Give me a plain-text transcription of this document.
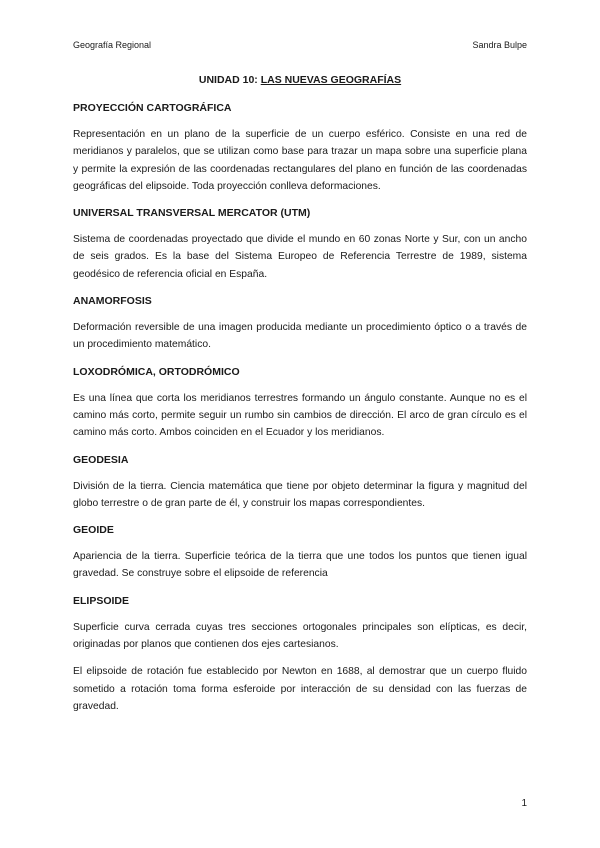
Geografía Regional	Sandra Bulpe
UNIDAD 10: LAS NUEVAS GEOGRAFÍAS
PROYECCIÓN CARTOGRÁFICA
Representación en un plano de la superficie de un cuerpo esférico. Consiste en una red de meridianos y paralelos, que se utilizan como base para trazar un mapa sobre una superficie plana y permite la expresión de las coordenadas rectangulares del plano en función de las coordenadas geográficas del elipsoide. Toda proyección conlleva deformaciones.
UNIVERSAL TRANSVERSAL MERCATOR (UTM)
Sistema de coordenadas proyectado que divide el mundo en 60 zonas Norte y Sur, con un ancho de seis grados. Es la base del Sistema Europeo de Referencia Terrestre de 1989, sistema geodésico de referencia oficial en España.
ANAMORFOSIS
Deformación reversible de una imagen producida mediante un procedimiento óptico o a través de un procedimiento matemático.
LOXODRÓMICA, ORTODRÓMICO
Es una línea que corta los meridianos terrestres formando un ángulo constante. Aunque no es el camino más corto, permite seguir un rumbo sin cambios de dirección. El arco de gran círculo es el camino más corto. Ambos coinciden en el Ecuador y los meridianos.
GEODESIA
División de la tierra. Ciencia matemática que tiene por objeto determinar la figura y magnitud del globo terrestre o de gran parte de él, y construir los mapas correspondientes.
GEOIDE
Apariencia de la tierra. Superficie teórica de la tierra que une todos los puntos que tienen igual gravedad. Se construye sobre el elipsoide de referencia
ELIPSOIDE
Superficie curva cerrada cuyas tres secciones ortogonales principales son elípticas, es decir, originadas por planos que contienen dos ejes cartesianos.
El elipsoide de rotación fue establecido por Newton en 1688, al demostrar que un cuerpo fluido sometido a rotación toma forma esferoide por interacción de su densidad con las fuerzas de gravedad.
1
